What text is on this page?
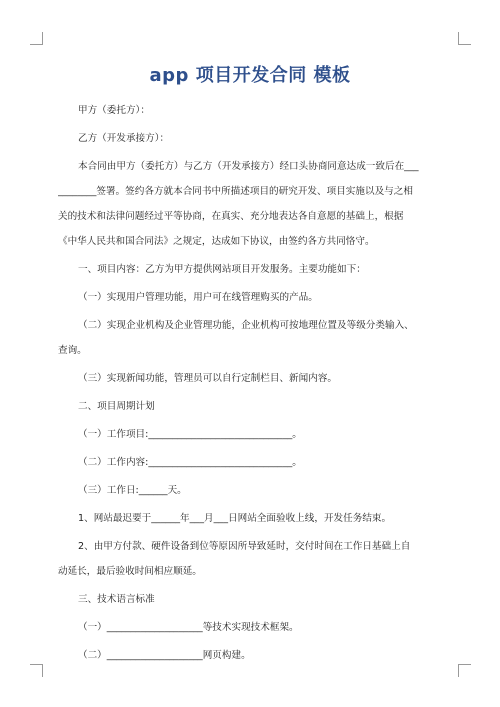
app 项目开发合同 模板
甲方（委托方）：
乙方（开发承接方）：
本合同由甲方（委托方）与乙方（开发承接方）经口头协商同意达成一致后在___
________签署。签约各方就本合同书中所描述项目的研究开发、项目实施以及与之相
关的技术和法律问题经过平等协商，在真实、充分地表达各自意愿的基础上，根据
《中华人民共和国合同法》之规定，达成如下协议，由签约各方共同恪守。
一、项目内容：乙方为甲方提供网站项目开发服务。主要功能如下：
（一）实现用户管理功能，用户可在线管理购买的产品。
（二）实现企业机构及企业管理功能，企业机构可按地理位置及等级分类输入、
查询。
（三）实现新闻功能，管理员可以自行定制栏目、新闻内容。
二、项目周期计划
（一）工作项目:______________________________。
（二）工作内容:______________________________。
（三）工作日:______天。
1、网站最迟要于______年___月___日网站全面验收上线，开发任务结束。
2、由甲方付款、硬件设备到位等原因所导致延时，交付时间在工作日基础上自
动延长，最后验收时间相应顺延。
三、技术语言标准
（一）____________________等技术实现技术框架。
（二）____________________网页构建。
